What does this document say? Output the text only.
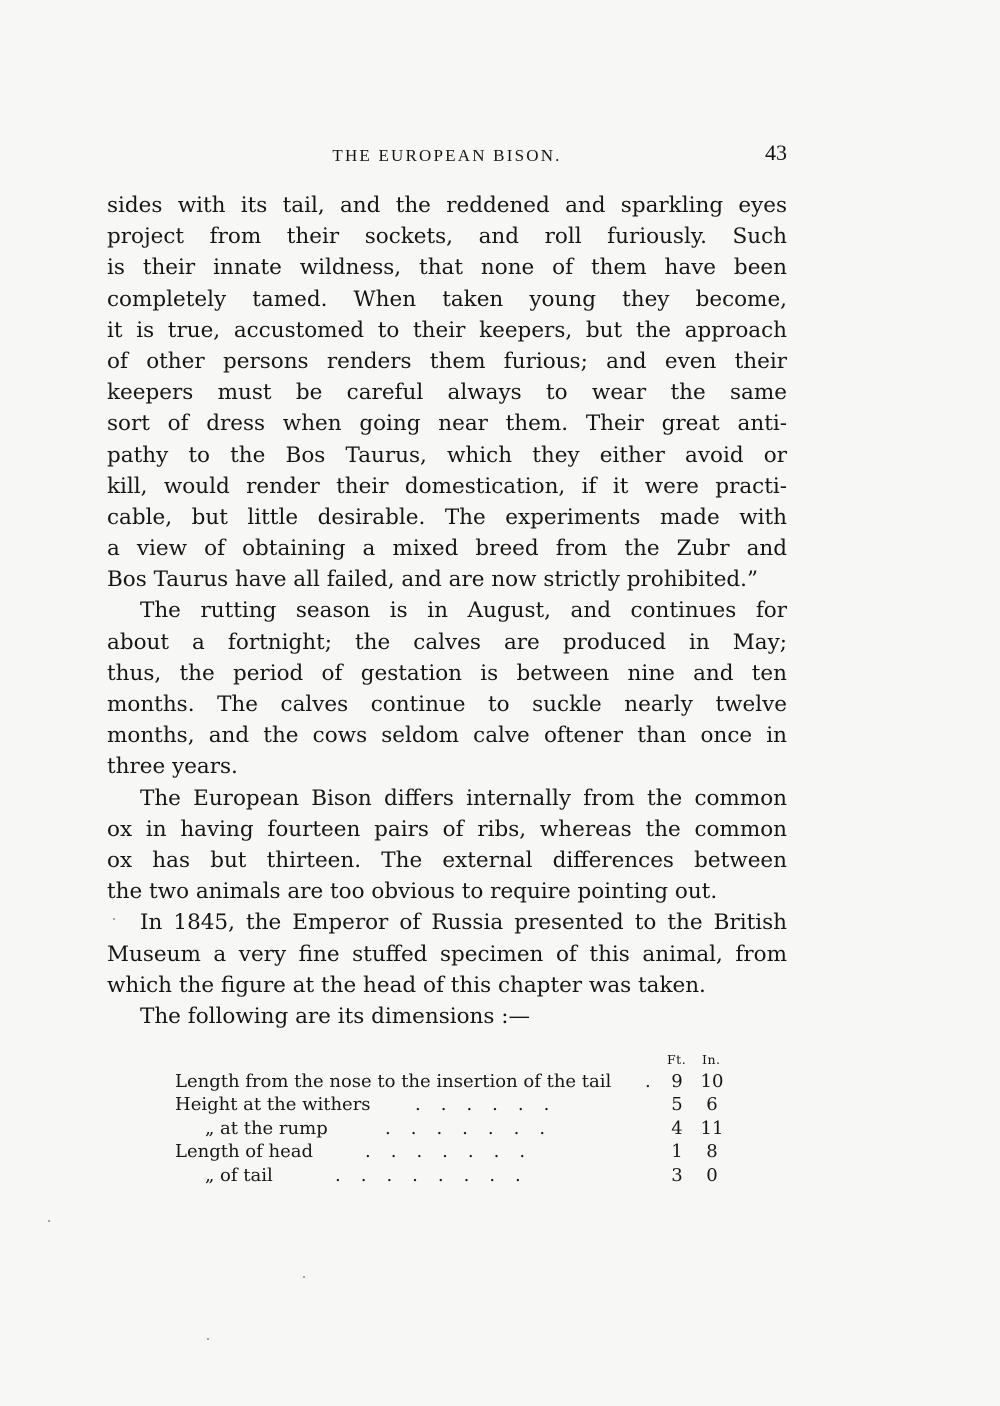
THE EUROPEAN BISON.	43
sides with its tail, and the reddened and sparkling eyes
project from their sockets, and roll furiously. Such
is their innate wildness, that none of them have been
completely tamed. When taken young they become,
it is true, accustomed to their keepers, but the approach
of other persons renders them furious; and even their
keepers must be careful always to wear the same
sort of dress when going near them. Their great anti-
pathy to the Bos Taurus, which they either avoid or
kill, would render their domestication, if it were practi-
cable, but little desirable. The experiments made with
a view of obtaining a mixed breed from the Zubr and
Bos Taurus have all failed, and are now strictly prohibited.”
The rutting season is in August, and continues for
about a fortnight; the calves are produced in May;
thus, the period of gestation is between nine and ten
months. The calves continue to suckle nearly twelve
months, and the cows seldom calve oftener than once in
three years.
The European Bison differs internally from the common
ox in having fourteen pairs of ribs, whereas the common
ox has but thirteen. The external differences between
the two animals are too obvious to require pointing out.
In 1845, the Emperor of Russia presented to the British
Museum a very fine stuffed specimen of this animal, from
which the figure at the head of this chapter was taken.
The following are its dimensions :—
Ft. In.
Length from the nose to the insertion of the tail . 9 10
Height at the withers ......	5	6
„ at the rump	.......	4 11
Length of head	.......	1	8
„ of tail	........	3	0
